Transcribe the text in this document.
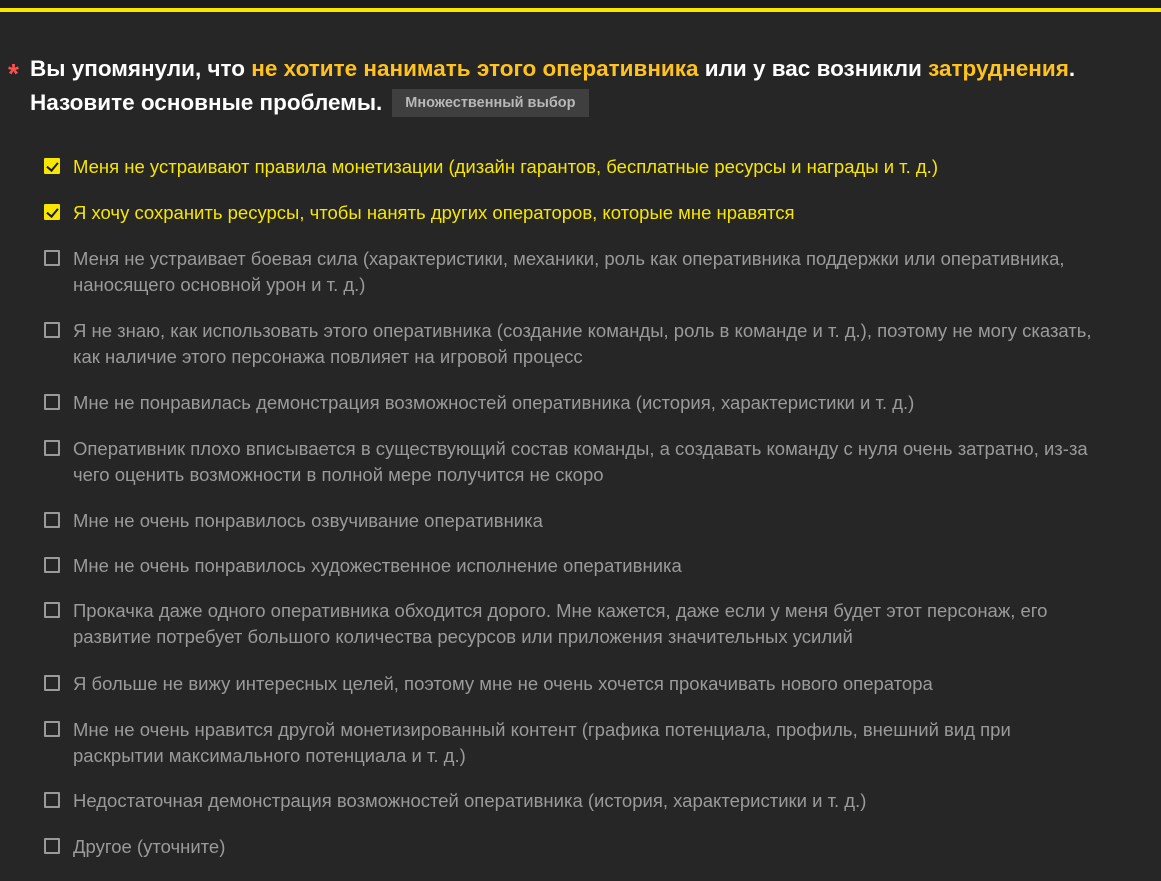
* Вы упомянули, что не хотите нанимать этого оперативника или у вас возникли затруднения. Назовите основные проблемы. Множественный выбор
Меня не устраивают правила монетизации (дизайн гарантов, бесплатные ресурсы и награды и т. д.)
Я хочу сохранить ресурсы, чтобы нанять других операторов, которые мне нравятся
Меня не устраивает боевая сила (характеристики, механики, роль как оперативника поддержки или оперативника, наносящего основной урон и т. д.)
Я не знаю, как использовать этого оперативника (создание команды, роль в команде и т. д.), поэтому не могу сказать, как наличие этого персонажа повлияет на игровой процесс
Мне не понравилась демонстрация возможностей оперативника (история, характеристики и т. д.)
Оперативник плохо вписывается в существующий состав команды, а создавать команду с нуля очень затратно, из-за чего оценить возможности в полной мере получится не скоро
Мне не очень понравилось озвучивание оперативника
Мне не очень понравилось художественное исполнение оперативника
Прокачка даже одного оперативника обходится дорого. Мне кажется, даже если у меня будет этот персонаж, его развитие потребует большого количества ресурсов или приложения значительных усилий
Я больше не вижу интересных целей, поэтому мне не очень хочется прокачивать нового оператора
Мне не очень нравится другой монетизированный контент (графика потенциала, профиль, внешний вид при раскрытии максимального потенциала и т. д.)
Недостаточная демонстрация возможностей оперативника (история, характеристики и т. д.)
Другое (уточните)
